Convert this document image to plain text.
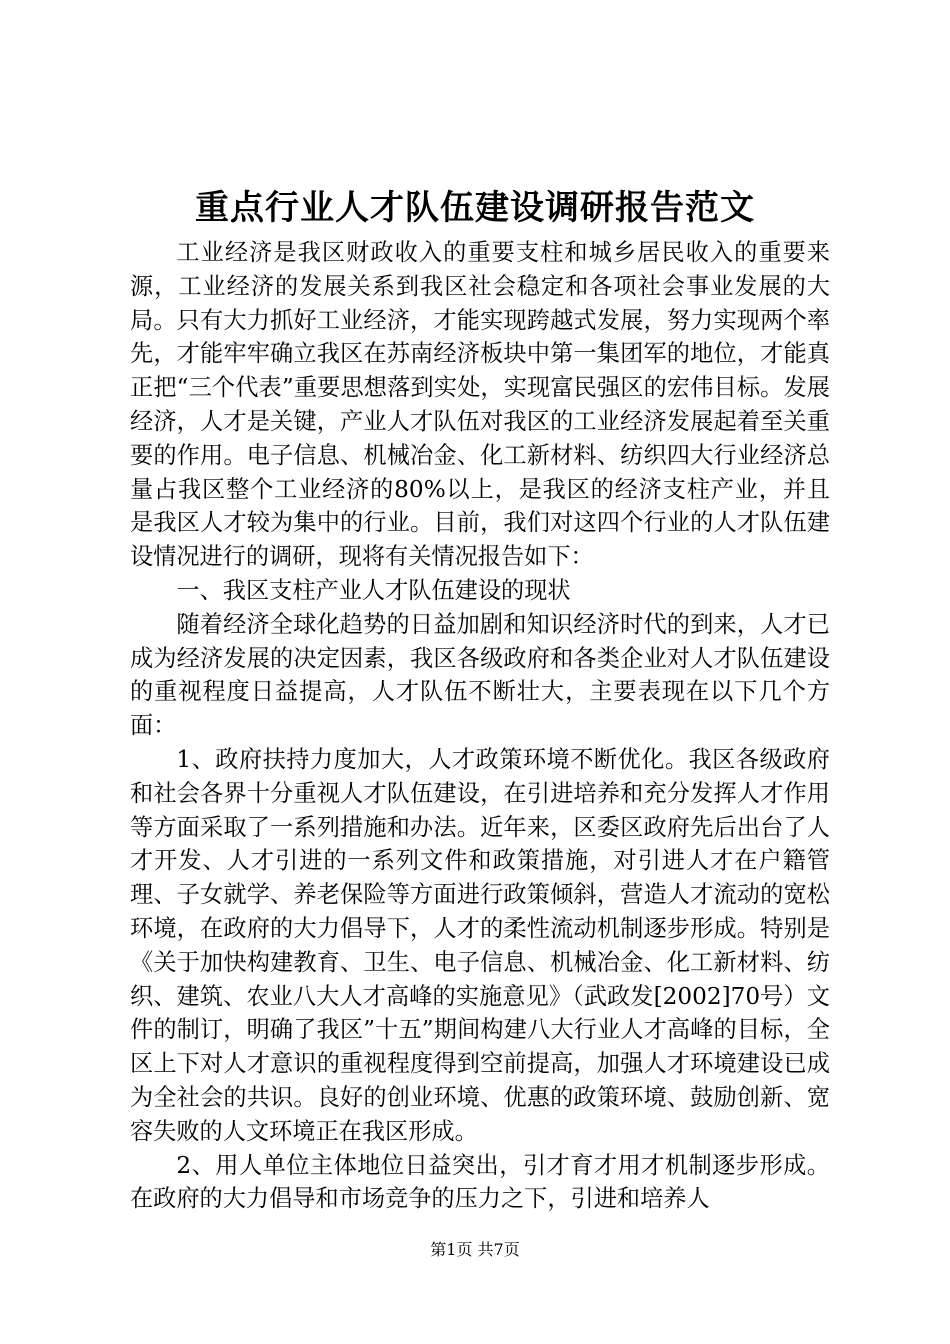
重点行业人才队伍建设调研报告范文

工业经济是我区财政收入的重要支柱和城乡居民收入的重要来源，工业经济的发展关系到我区社会稳定和各项社会事业发展的大局。只有大力抓好工业经济，才能实现跨越式发展，努力实现两个率先，才能牢牢确立我区在苏南经济板块中第一集团军的地位，才能真正把“三个代表”重要思想落到实处，实现富民强区的宏伟目标。发展经济，人才是关键，产业人才队伍对我区的工业经济发展起着至关重要的作用。电子信息、机械冶金、化工新材料、纺织四大行业经济总量占我区整个工业经济的80%以上，是我区的经济支柱产业，并且是我区人才较为集中的行业。目前，我们对这四个行业的人才队伍建设情况进行的调研，现将有关情况报告如下：

一、我区支柱产业人才队伍建设的现状

随着经济全球化趋势的日益加剧和知识经济时代的到来，人才已成为经济发展的决定因素，我区各级政府和各类企业对人才队伍建设的重视程度日益提高，人才队伍不断壮大，主要表现在以下几个方面：

1、政府扶持力度加大，人才政策环境不断优化。我区各级政府和社会各界十分重视人才队伍建设，在引进培养和充分发挥人才作用等方面采取了一系列措施和办法。近年来，区委区政府先后出台了人才开发、人才引进的一系列文件和政策措施，对引进人才在户籍管理、子女就学、养老保险等方面进行政策倾斜，营造人才流动的宽松环境，在政府的大力倡导下，人才的柔性流动机制逐步形成。特别是《关于加快构建教育、卫生、电子信息、机械冶金、化工新材料、纺织、建筑、农业八大人才高峰的实施意见》（武政发[2002]70号）文件的制订，明确了我区”十五”期间构建八大行业人才高峰的目标，全区上下对人才意识的重视程度得到空前提高，加强人才环境建设已成为全社会的共识。良好的创业环境、优惠的政策环境、鼓励创新、宽容失败的人文环境正在我区形成。

2、用人单位主体地位日益突出，引才育才用才机制逐步形成。在政府的大力倡导和市场竞争的压力之下，引进和培养人

第1页 共7页
